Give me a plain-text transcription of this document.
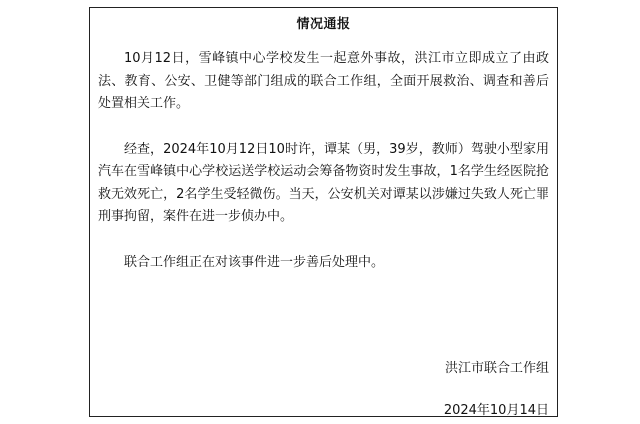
情况通报

10月12日，雪峰镇中心学校发生一起意外事故，洪江市立即成立了由政法、教育、公安、卫健等部门组成的联合工作组，全面开展救治、调查和善后处置相关工作。

经查，2024年10月12日10时许，谭某（男，39岁，教师）驾驶小型家用汽车在雪峰镇中心学校运送学校运动会筹备物资时发生事故，1名学生经医院抢救无效死亡，2名学生受轻微伤。当天，公安机关对谭某以涉嫌过失致人死亡罪刑事拘留，案件在进一步侦办中。

联合工作组正在对该事件进一步善后处理中。

洪江市联合工作组
2024年10月14日
